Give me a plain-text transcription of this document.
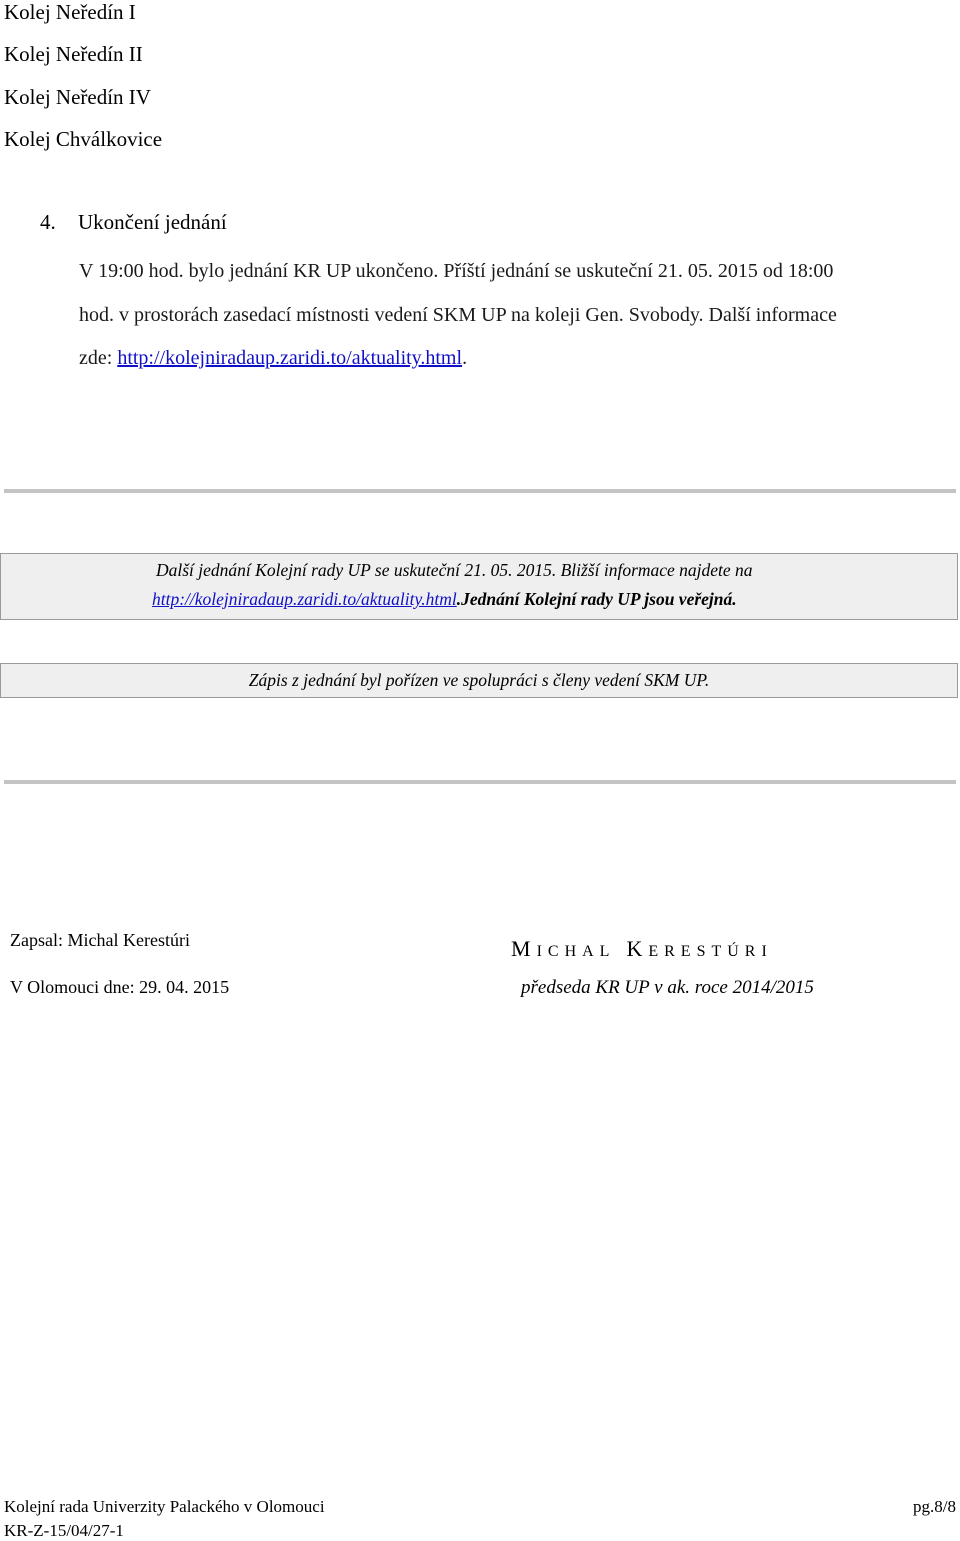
Kolej Neředín I
Kolej Neředín II
Kolej Neředín IV
Kolej Chválkovice
4. Ukončení jednání
V 19:00 hod. bylo jednání KR UP ukončeno. Příští jednání se uskuteční 21. 05. 2015 od 18:00
hod. v prostorách zasedací místnosti vedení SKM UP na koleji Gen. Svobody. Další informace
zde: http://kolejniradaup.zaridi.to/aktuality.html.
Další jednání Kolejní rady UP se uskuteční 21. 05. 2015. Bližší informace najdete na
http://kolejniradaup.zaridi.to/aktuality.html.Jednání Kolejní rady UP jsou veřejná.
Zápis z jednání byl pořízen ve spolupráci s členy vedení SKM UP.
Zapsal: Michal Kerestúri
V Olomouci dne: 29. 04. 2015
MICHAL KERESTÚRI
předseda KR UP v ak. roce 2014/2015
Kolejní rada Univerzity Palackého v Olomouci
KR-Z-15/04/27-1
pg.8/8
